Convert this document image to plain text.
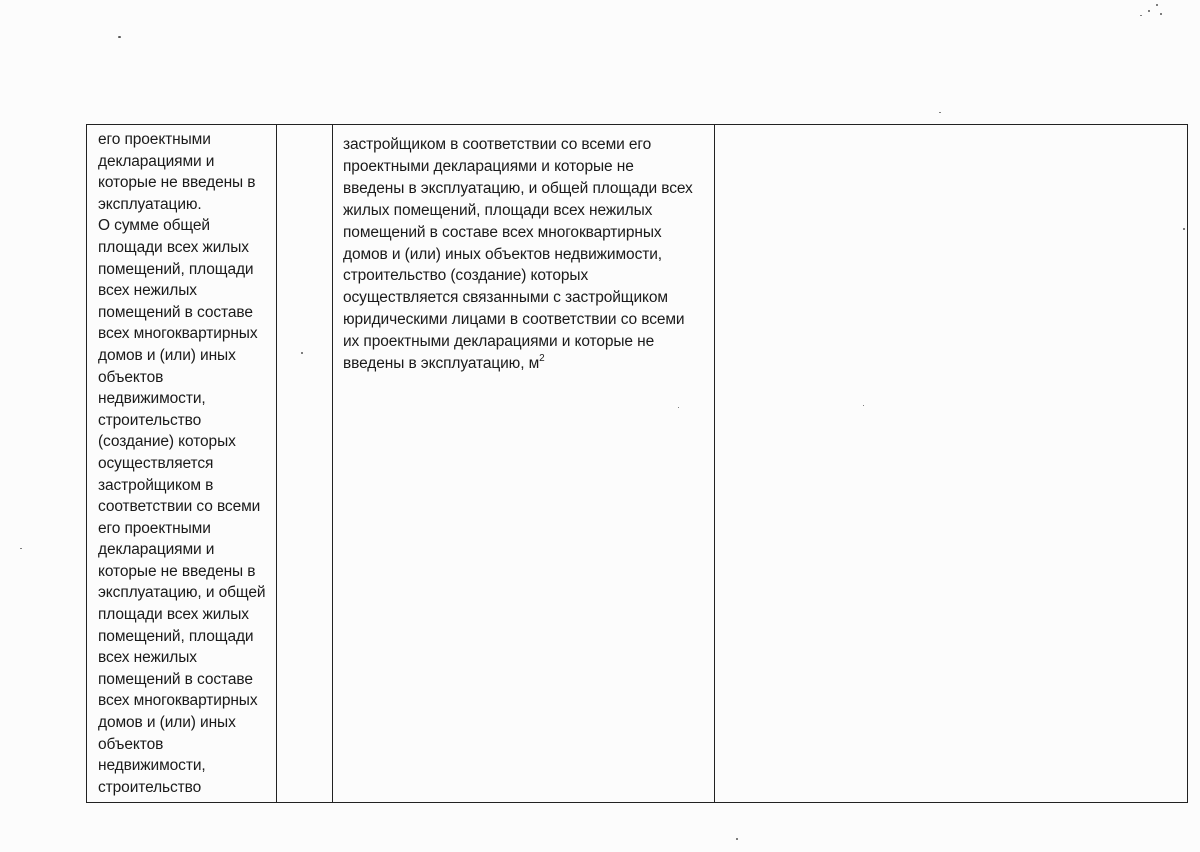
его проектными
декларациями и
которые не введены в
эксплуатацию.
О сумме общей
площади всех жилых
помещений, площади
всех нежилых
помещений в составе
всех многоквартирных
домов и (или) иных
объектов
недвижимости,
строительство
(создание) которых
осуществляется
застройщиком в
соответствии со всеми
его проектными
декларациями и
которые не введены в
эксплуатацию, и общей
площади всех жилых
помещений, площади
всех нежилых
помещений в составе
всех многоквартирных
домов и (или) иных
объектов
недвижимости,
строительство
застройщиком в соответствии со всеми его
проектными декларациями и которые не
введены в эксплуатацию, и общей площади всех
жилых помещений, площади всех нежилых
помещений в составе всех многоквартирных
домов и (или) иных объектов недвижимости,
строительство (создание) которых
осуществляется связанными с застройщиком
юридическими лицами в соответствии со всеми
их проектными декларациями и которые не
введены в эксплуатацию, $м^2$
